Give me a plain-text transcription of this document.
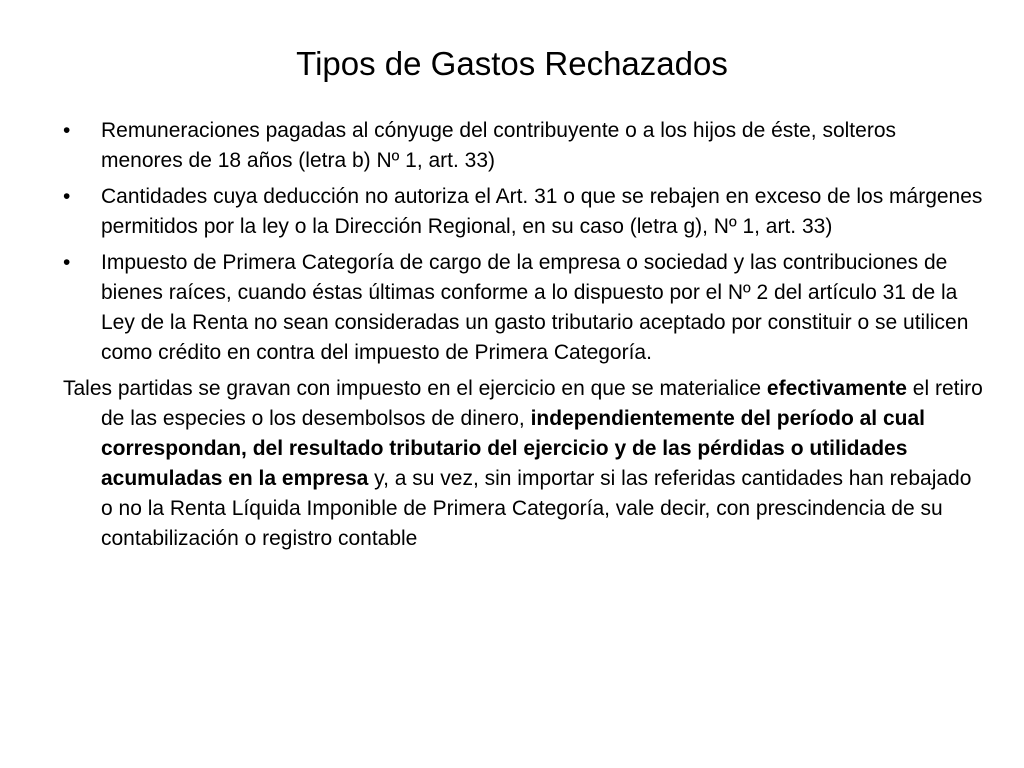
Tipos de Gastos Rechazados
•	Remuneraciones pagadas al cónyuge del contribuyente o a los hijos de éste, solteros menores de 18 años (letra b) Nº 1, art. 33)
•	Cantidades cuya deducción no autoriza el Art. 31 o que se rebajen en exceso de los márgenes permitidos por la ley o la Dirección Regional, en su caso (letra g), Nº 1, art. 33)
•	Impuesto de Primera Categoría de cargo de la empresa o sociedad y las contribuciones de bienes raíces, cuando éstas últimas conforme a lo dispuesto por el Nº 2 del artículo 31 de la Ley de la Renta no sean consideradas un gasto tributario aceptado por constituir o se utilicen como crédito en contra del impuesto de Primera Categoría.

Tales partidas se gravan con impuesto en el ejercicio en que se materialice efectivamente el retiro de las especies o los desembolsos de dinero, independientemente del período al cual correspondan, del resultado tributario del ejercicio y de las pérdidas o utilidades acumuladas en la empresa y, a su vez, sin importar si las referidas cantidades han rebajado o no la Renta Líquida Imponible de Primera Categoría, vale decir, con prescindencia de su contabilización o registro contable
